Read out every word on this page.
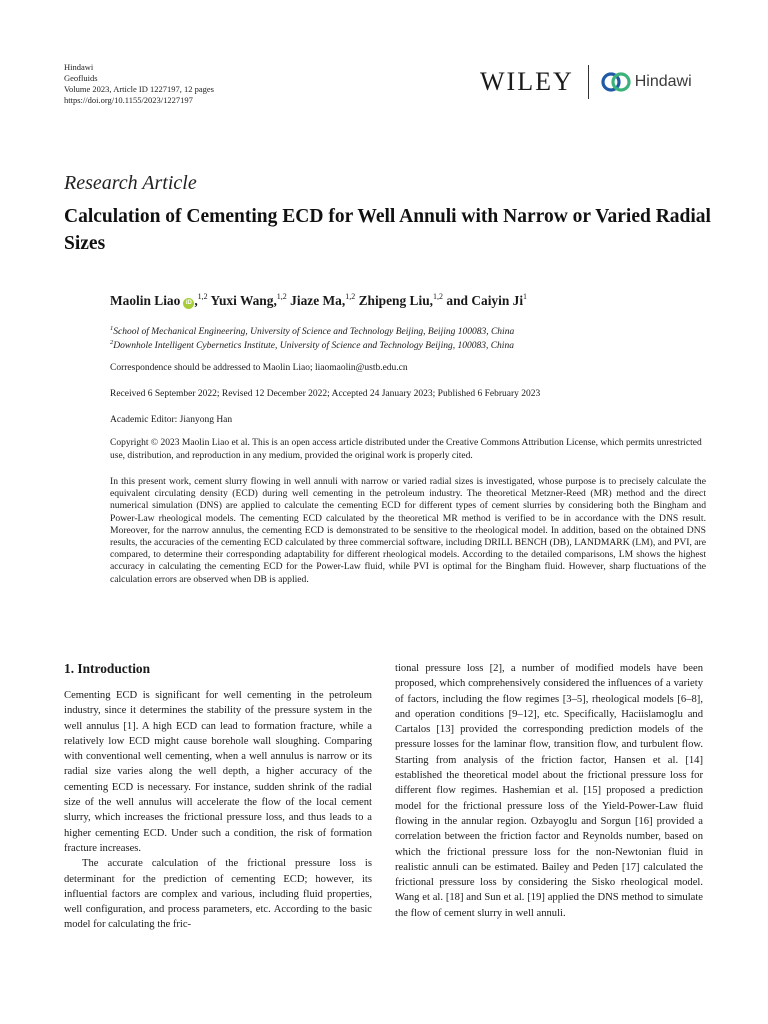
Hindawi
Geofluids
Volume 2023, Article ID 1227197, 12 pages
https://doi.org/10.1155/2023/1227197
WILEY	Hindawi
Research Article
Calculation of Cementing ECD for Well Annuli with Narrow or Varied Radial Sizes
Maolin Liao iD ,$^{1,2}$ Yuxi Wang,$^{1,2}$ Jiaze Ma,$^{1,2}$ Zhipeng Liu,$^{1,2}$ and Caiyin Ji$^1$
$^1$School of Mechanical Engineering, University of Science and Technology Beijing, Beijing 100083, China
$^2$Downhole Intelligent Cybernetics Institute, University of Science and Technology Beijing, 100083, China
Correspondence should be addressed to Maolin Liao; liaomaolin@ustb.edu.cn
Received 6 September 2022; Revised 12 December 2022; Accepted 24 January 2023; Published 6 February 2023
Academic Editor: Jianyong Han
Copyright © 2023 Maolin Liao et al. This is an open access article distributed under the Creative Commons Attribution License, which permits unrestricted use, distribution, and reproduction in any medium, provided the original work is properly cited.

In this present work, cement slurry flowing in well annuli with narrow or varied radial sizes is investigated, whose purpose is to precisely calculate the equivalent circulating density (ECD) during well cementing in the petroleum industry. The theoretical Metzner-Reed (MR) method and the direct numerical simulation (DNS) are applied to calculate the cementing ECD for different types of cement slurries by considering both the Bingham and Power-Law rheological models. The cementing ECD calculated by the theoretical MR method is verified to be in accordance with the DNS result. Moreover, for the narrow annulus, the cementing ECD is demonstrated to be sensitive to the rheological model. In addition, based on the obtained DNS results, the accuracies of the cementing ECD calculated by three commercial software, including DRILL BENCH (DB), LANDMARK (LM), and PVI, are compared, to determine their corresponding adaptability for different rheological models. According to the detailed comparisons, LM shows the highest accuracy in calculating the cementing ECD for the Power-Law fluid, while PVI is optimal for the Bingham fluid. However, sharp fluctuations of the calculation errors are observed when DB is applied.

1. Introduction

Cementing ECD is significant for well cementing in the petroleum industry, since it determines the stability of the pressure system in the well annulus [1]. A high ECD can lead to formation fracture, while a relatively low ECD might cause borehole wall sloughing. Comparing with conventional well cementing, when a well annulus is narrow or its radial size varies along the well depth, a higher accuracy of the cementing ECD is necessary. For instance, sudden shrink of the radial size of the well annulus will accelerate the flow of the local cement slurry, which increases the frictional pressure loss, and thus leads to a higher cementing ECD. Under such a condition, the risk of formation fracture increases.

The accurate calculation of the frictional pressure loss is determinant for the prediction of cementing ECD; however, its influential factors are complex and various, including fluid properties, well configuration, and process parameters, etc. According to the basic model for calculating the fric-

tional pressure loss [2], a number of modified models have been proposed, which comprehensively considered the influences of a variety of factors, including the flow regimes [3–5], rheological models [6–8], and operation conditions [9–12], etc. Specifically, Haciislamoglu and Cartalos [13] provided the corresponding prediction models of the pressure losses for the laminar flow, transition flow, and turbulent flow. Starting from analysis of the friction factor, Hansen et al. [14] established the theoretical model about the frictional pressure loss for different flow regimes. Hashemian et al. [15] proposed a prediction model for the frictional pressure loss of the Yield-Power-Law fluid flowing in the annular region. Ozbayoglu and Sorgun [16] provided a correlation between the friction factor and Reynolds number, based on which the frictional pressure loss for the non-Newtonian fluid in realistic annuli can be estimated. Bailey and Peden [17] calculated the frictional pressure loss by considering the Sisko rheological model. Wang et al. [18] and Sun et al. [19] applied the DNS method to simulate the flow of cement slurry in well annuli.
